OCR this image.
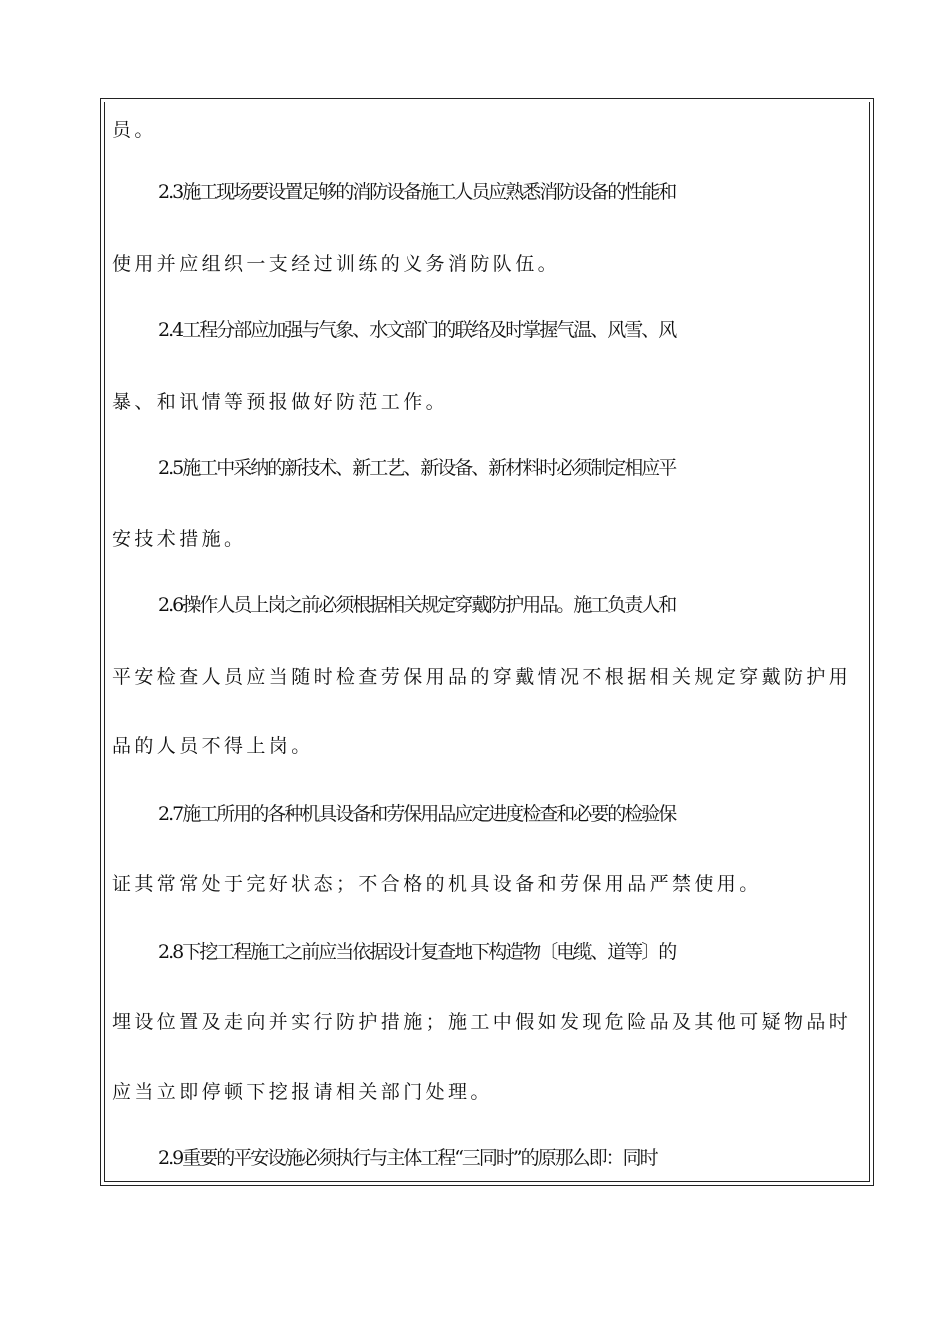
员。
2.3施工现场要设置足够的消防设备施工人员应熟悉消防设备的性能和
使用并应组织一支经过训练的义务消防队伍。
2.4工程分部应加强与气象、水文部门的联络及时掌握气温、风雪、风
暴、和讯情等预报做好防范工作。
2.5施工中采纳的新技术、新工艺、新设备、新材料时必须制定相应平
安技术措施。
2.6操作人员上岗之前必须根据相关规定穿戴防护用品。施工负责人和
平安检查人员应当随时检查劳保用品的穿戴情况不根据相关规定穿戴防护用
品的人员不得上岗。
2.7施工所用的各种机具设备和劳保用品应定进度检查和必要的检验保
证其常常处于完好状态；不合格的机具设备和劳保用品严禁使用。
2.8下挖工程施工之前应当依据设计复查地下构造物〔电缆、道等〕的
埋设位置及走向并实行防护措施；施工中假如发现危险品及其他可疑物品时
应当立即停顿下挖报请相关部门处理。
2.9重要的平安设施必须执行与主体工程“三同时”的原那么即：同时
